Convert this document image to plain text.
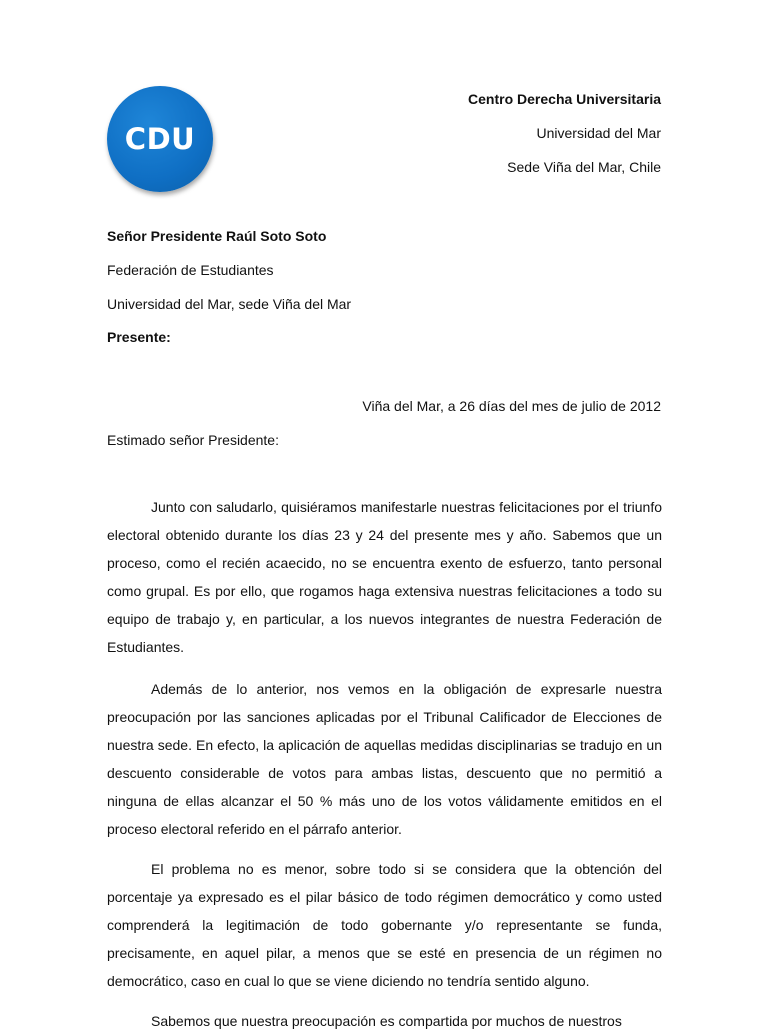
CDU
Centro Derecha Universitaria
Universidad del Mar
Sede Viña del Mar, Chile
Señor Presidente Raúl Soto Soto
Federación de Estudiantes
Universidad del Mar, sede Viña del Mar
Presente:
Viña del Mar, a 26 días del mes de julio de 2012
Estimado señor Presidente:

Junto con saludarlo, quisiéramos manifestarle nuestras felicitaciones por el triunfo electoral obtenido durante los días 23 y 24 del presente mes y año. Sabemos que un proceso, como el recién acaecido, no se encuentra exento de esfuerzo, tanto personal como grupal. Es por ello, que rogamos haga extensiva nuestras felicitaciones a todo su equipo de trabajo y, en particular, a los nuevos integrantes de nuestra Federación de Estudiantes.

Además de lo anterior, nos vemos en la obligación de expresarle nuestra preocupación por las sanciones aplicadas por el Tribunal Calificador de Elecciones de nuestra sede. En efecto, la aplicación de aquellas medidas disciplinarias se tradujo en un descuento considerable de votos para ambas listas, descuento que no permitió a ninguna de ellas alcanzar el 50 % más uno de los votos válidamente emitidos en el proceso electoral referido en el párrafo anterior.

El problema no es menor, sobre todo si se considera que la obtención del porcentaje ya expresado es el pilar básico de todo régimen democrático y como usted comprenderá la legitimación de todo gobernante y/o representante se funda, precisamente, en aquel pilar, a menos que se esté en presencia de un régimen no democrático, caso en cual lo que se viene diciendo no tendría sentido alguno.

Sabemos que nuestra preocupación es compartida por muchos de nuestros
